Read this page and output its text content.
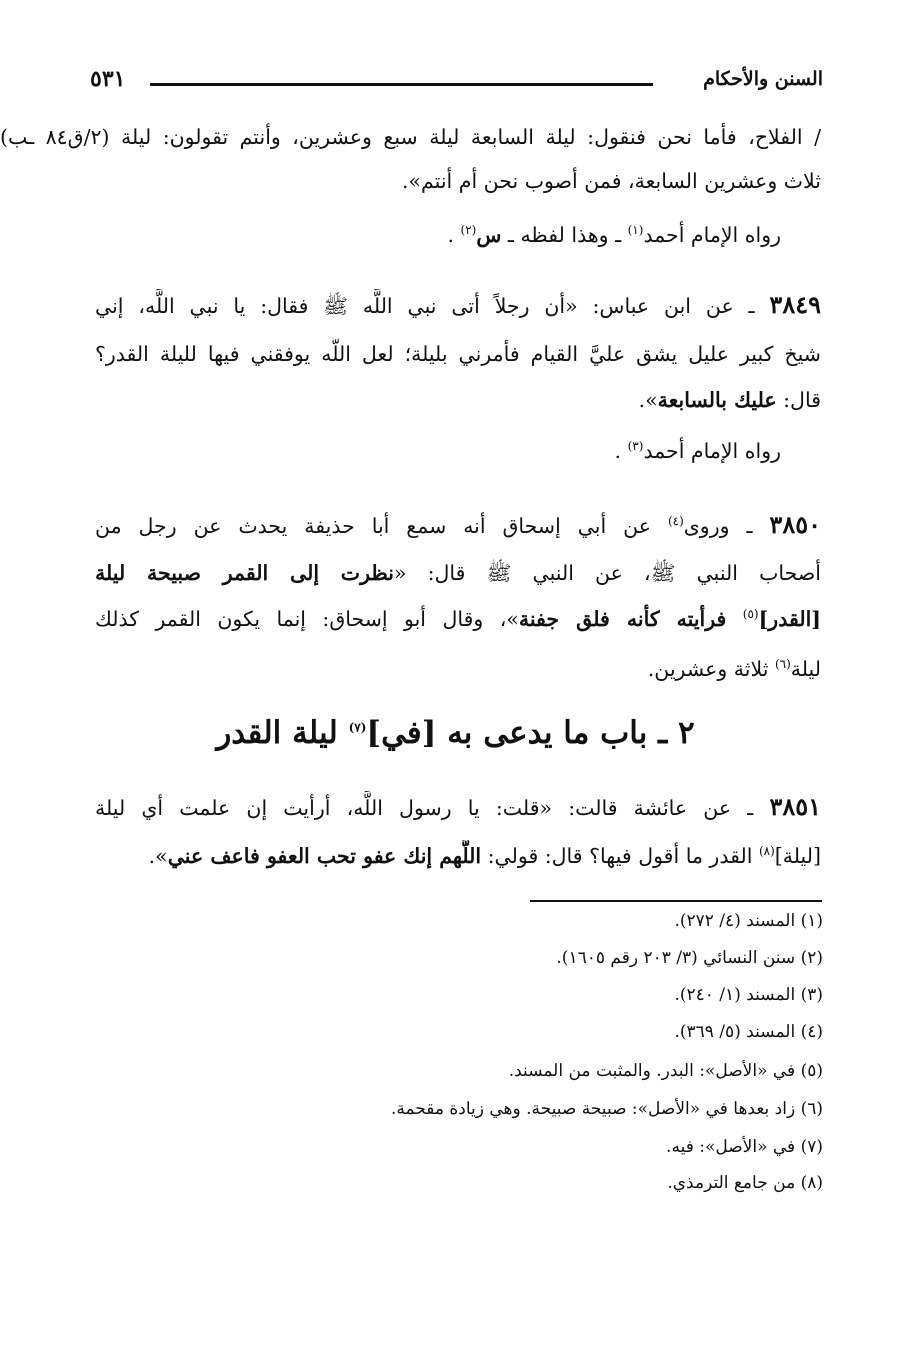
السنن والأحكام
٥٣١
/ الفلاح، فأما نحن فنقول: ليلة السابعة ليلة سبع وعشرين، وأنتم تقولون: ليلة (٢/ق٨٤ ـب)
ثلاث وعشرين السابعة، فمن أصوب نحن أم أنتم».
رواه الإمام أحمد$^{(١)}$ ـ وهذا لفظه ـ س$^{(٢)}$ .
٣٨٤٩ ـ عن ابن عباس: «أن رجلاً أتى نبي اللَّه ﷺ فقال: يا نبي اللَّه، إني
شيخ كبير عليل يشق عليَّ القيام فأمرني بليلة؛ لعل اللَّه يوفقني فيها لليلة القدر؟
قال: عليك بالسابعة».
رواه الإمام أحمد$^{(٣)}$ .
٣٨٥٠ ـ وروى$^{(٤)}$ عن أبي إسحاق أنه سمع أبا حذيفة يحدث عن رجل من
أصحاب النبي ﷺ، عن النبي ﷺ قال: «نظرت إلى القمر صبيحة ليلة
[القدر]$^{(٥)}$ فرأيته كأنه فلق جفنة»، وقال أبو إسحاق: إنما يكون القمر كذلك
ليلة$^{(٦)}$ ثلاثة وعشرين.
٢ ـ باب ما يدعى به [في]$^{(٧)}$ ليلة القدر
٣٨٥١ ـ عن عائشة قالت: «قلت: يا رسول اللَّه، أرأيت إن علمت أي ليلة
[ليلة]$^{(٨)}$ القدر ما أقول فيها؟ قال: قولي: اللَّهم إنك عفو تحب العفو فاعف عني».
(١) المسند (٤/ ٢٧٢).
(٢) سنن النسائي (٣/ ٢٠٣ رقم ١٦٠٥).
(٣) المسند (١/ ٢٤٠).
(٤) المسند (٥/ ٣٦٩).
(٥) في «الأصل»: البدر. والمثبت من المسند.
(٦) زاد بعدها في «الأصل»: صبيحة صبيحة. وهي زيادة مقحمة.
(٧) في «الأصل»: فيه.
(٨) من جامع الترمذي.
